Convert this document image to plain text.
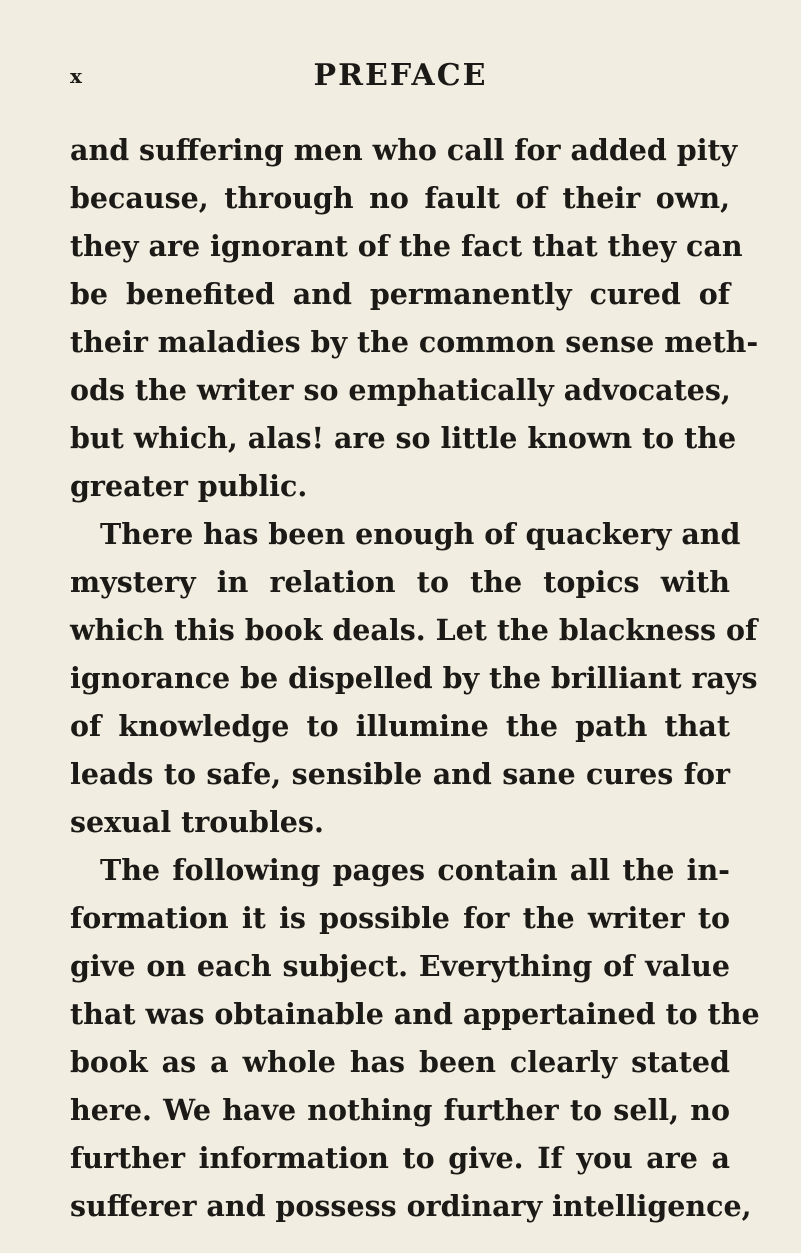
x	PREFACE
and suffering men who call for added pity
because, through no fault of their own,
they are ignorant of the fact that they can
be benefited and permanently cured of
their maladies by the common sense meth-
ods the writer so emphatically advocates,
but which, alas! are so little known to the
greater public.
There has been enough of quackery and
mystery in relation to the topics with
which this book deals. Let the blackness of
ignorance be dispelled by the brilliant rays
of knowledge to illumine the path that
leads to safe, sensible and sane cures for
sexual troubles.
The following pages contain all the in-
formation it is possible for the writer to
give on each subject. Everything of value
that was obtainable and appertained to the
book as a whole has been clearly stated
here. We have nothing further to sell, no
further information to give. If you are a
sufferer and possess ordinary intelligence,
